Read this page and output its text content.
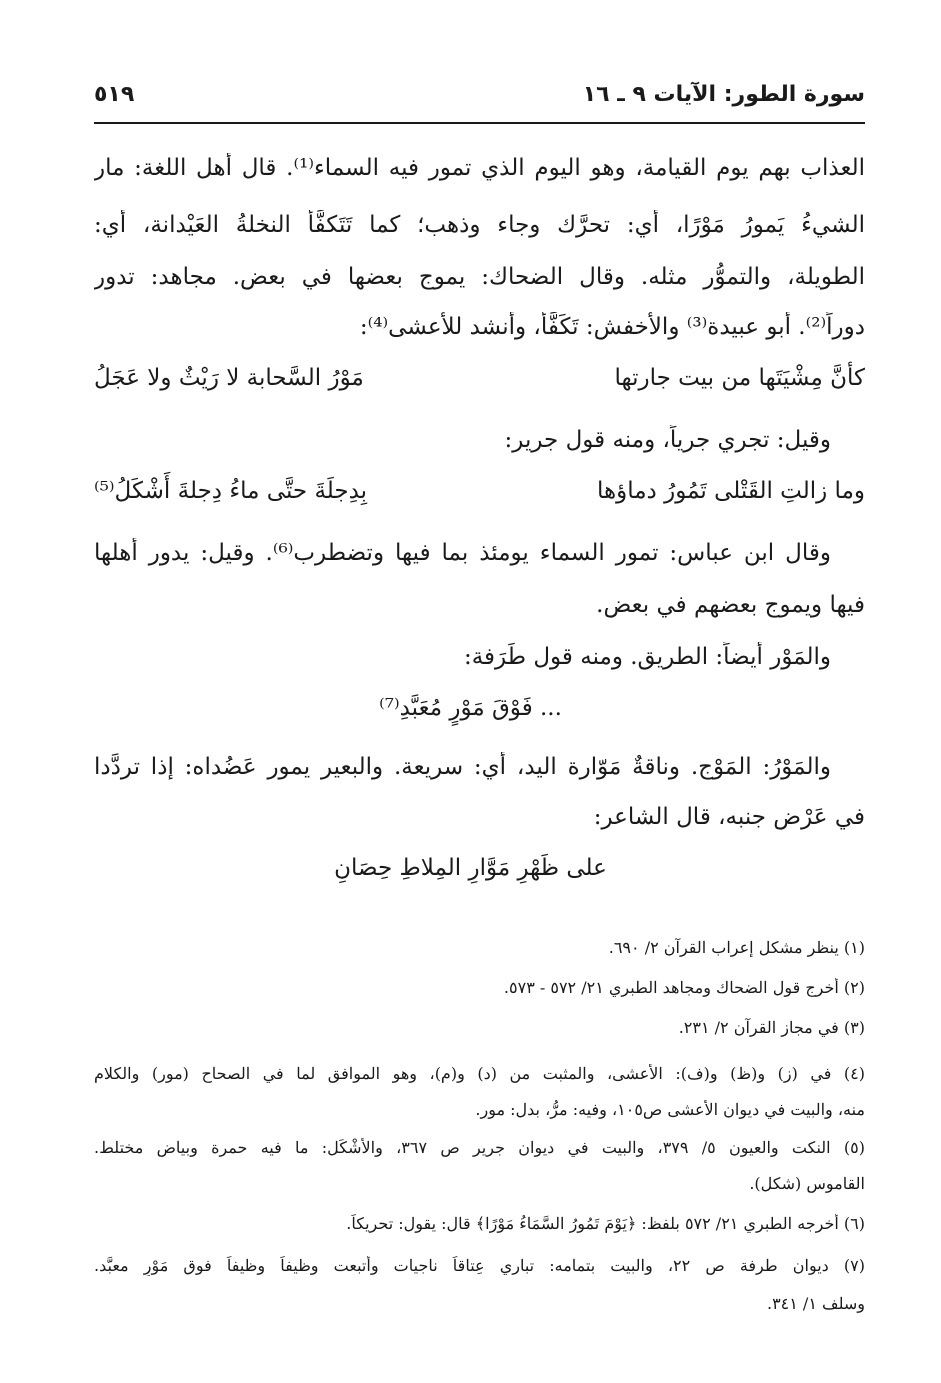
سورة الطور: الآيات ٩ ـ ١٦
٥١٩
العذاب بهم يوم القيامة، وهو اليوم الذي تمور فيه السماء⁽¹⁾. قال أهل اللغة: مار
الشيءُ يَمورُ مَوْرًا، أي: تحرَّك وجاء وذهب؛ كما تَتَكفَّأُ النخلةُ العَيْدانة، أي:
الطويلة، والتموُّر مثله. وقال الضحاك: يموج بعضها في بعض. مجاهد: تدور
دوراً⁽²⁾. أبو عبيدة⁽³⁾ والأخفش: تَكَفَّأ، وأنشد للأعشى⁽⁴⁾:
كأنَّ مِشْيَتَها من بيت جارتها
مَوْرُ السَّحابة لا رَيْثٌ ولا عَجَلُ
وقيل: تجري جرياً، ومنه قول جرير:
وما زالتِ القَتْلى تَمُورُ دماؤها
بِدِجلَةَ حتَّى ماءُ دِجلةَ أَشْكَلُ⁽⁵⁾
وقال ابن عباس: تمور السماء يومئذ بما فيها وتضطرب⁽⁶⁾. وقيل: يدور أهلها
فيها ويموج بعضهم في بعض.
والمَوْر أيضاً: الطريق. ومنه قول طَرَفة:
... فَوْقَ مَوْرٍ مُعَبَّدِ⁽⁷⁾
والمَوْرُ: المَوْج. وناقةٌ مَوّارة اليد، أي: سريعة. والبعير يمور عَضُداه: إذا تردَّدا
في عَرْض جنبه، قال الشاعر:
على ظَهْرِ مَوَّارِ المِلاطِ حِصَانِ
(١) ينظر مشكل إعراب القرآن ٢/ ٦٩٠.
(٢) أخرج قول الضحاك ومجاهد الطبري ٢١/ ٥٧٢ - ٥٧٣.
(٣) في مجاز القرآن ٢/ ٢٣١.
(٤) في (ز) و(ظ) و(ف): الأعشى، والمثبت من (د) و(م)، وهو الموافق لما في الصحاح (مور) والكلام
منه، والبيت في ديوان الأعشى ص١٠٥، وفيه: مرُّ، بدل: مور.
(٥) النكت والعيون ٥/ ٣٧٩، والبيت في ديوان جرير ص ٣٦٧، والأشْكَل: ما فيه حمرة وبياض مختلط.
القاموس (شكل).
(٦) أخرجه الطبري ٢١/ ٥٧٢ بلفظ: ﴿يَوْمَ تَمُورُ السَّمَاءُ مَوْرًا﴾ قال: يقول: تحريكاً.
(٧) ديوان طرفة ص ٢٢، والبيت بتمامه: تباري عِتاقاً ناجيات وأتبعت وظيفاً وظيفاً فوق مَوْرٍ معبَّد.
وسلف ١/ ٣٤١.
